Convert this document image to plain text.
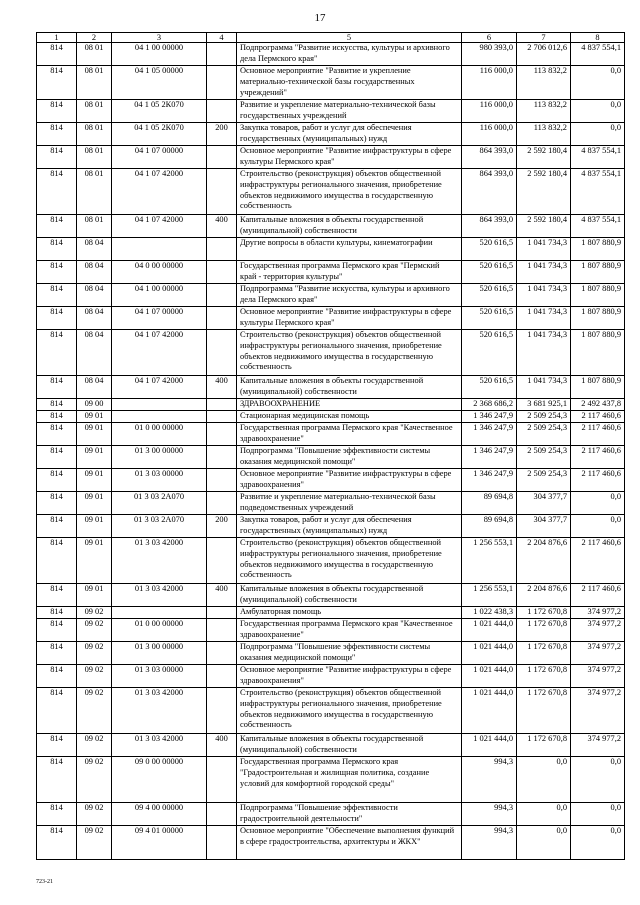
17
1	2	3	4	5	6	7	8
814	08 01	04 1 00 00000		Подпрограмма "Развитие искусства, культуры и архивного дела Пермского края"	980 393,0	2 706 012,6	4 837 554,1
814	08 01	04 1 05 00000		Основное мероприятие "Развитие и укрепление материально-технической базы государственных учреждений"	116 000,0	113 832,2	0,0
814	08 01	04 1 05 2К070		Развитие и укрепление материально-технической базы государственных учреждений	116 000,0	113 832,2	0,0
814	08 01	04 1 05 2К070	200	Закупка товаров, работ и услуг для обеспечения государственных (муниципальных) нужд	116 000,0	113 832,2	0,0
814	08 01	04 1 07 00000		Основное мероприятие "Развитие инфраструктуры в сфере культуры Пермского края"	864 393,0	2 592 180,4	4 837 554,1
814	08 01	04 1 07 42000		Строительство (реконструкция) объектов общественной инфраструктуры регионального значения, приобретение объектов недвижимого имущества в государственную собственность	864 393,0	2 592 180,4	4 837 554,1
814	08 01	04 1 07 42000	400	Капитальные вложения в объекты государственной (муниципальной) собственности	864 393,0	2 592 180,4	4 837 554,1
814	08 04			Другие вопросы в области культуры, кинематографии	520 616,5	1 041 734,3	1 807 880,9
814	08 04	04 0 00 00000		Государственная программа Пермского края "Пермский край - территория культуры"	520 616,5	1 041 734,3	1 807 880,9
814	08 04	04 1 00 00000		Подпрограмма "Развитие искусства, культуры и архивного дела Пермского края"	520 616,5	1 041 734,3	1 807 880,9
814	08 04	04 1 07 00000		Основное мероприятие "Развитие инфраструктуры в сфере культуры Пермского края"	520 616,5	1 041 734,3	1 807 880,9
814	08 04	04 1 07 42000		Строительство (реконструкция) объектов общественной инфраструктуры регионального значения, приобретение объектов недвижимого имущества в государственную собственность	520 616,5	1 041 734,3	1 807 880,9
814	08 04	04 1 07 42000	400	Капитальные вложения в объекты государственной (муниципальной) собственности	520 616,5	1 041 734,3	1 807 880,9
814	09 00			ЗДРАВООХРАНЕНИЕ	2 368 686,2	3 681 925,1	2 492 437,8
814	09 01			Стационарная медицинская помощь	1 346 247,9	2 509 254,3	2 117 460,6
814	09 01	01 0 00 00000		Государственная программа Пермского края "Качественное здравоохранение"	1 346 247,9	2 509 254,3	2 117 460,6
814	09 01	01 3 00 00000		Подпрограмма "Повышение эффективности системы оказания медицинской помощи"	1 346 247,9	2 509 254,3	2 117 460,6
814	09 01	01 3 03 00000		Основное мероприятие "Развитие инфраструктуры в сфере здравоохранения"	1 346 247,9	2 509 254,3	2 117 460,6
814	09 01	01 3 03 2А070		Развитие и укрепление материально-технической базы подведомственных учреждений	89 694,8	304 377,7	0,0
814	09 01	01 3 03 2А070	200	Закупка товаров, работ и услуг для обеспечения государственных (муниципальных) нужд	89 694,8	304 377,7	0,0
814	09 01	01 3 03 42000		Строительство (реконструкция) объектов общественной инфраструктуры регионального значения, приобретение объектов недвижимого имущества в государственную собственность	1 256 553,1	2 204 876,6	2 117 460,6
814	09 01	01 3 03 42000	400	Капитальные вложения в объекты государственной (муниципальной) собственности	1 256 553,1	2 204 876,6	2 117 460,6
814	09 02			Амбулаторная помощь	1 022 438,3	1 172 670,8	374 977,2
814	09 02	01 0 00 00000		Государственная программа Пермского края "Качественное здравоохранение"	1 021 444,0	1 172 670,8	374 977,2
814	09 02	01 3 00 00000		Подпрограмма "Повышение эффективности системы оказания медицинской помощи"	1 021 444,0	1 172 670,8	374 977,2
814	09 02	01 3 03 00000		Основное мероприятие "Развитие инфраструктуры в сфере здравоохранения"	1 021 444,0	1 172 670,8	374 977,2
814	09 02	01 3 03 42000		Строительство (реконструкция) объектов общественной инфраструктуры регионального значения, приобретение объектов недвижимого имущества в государственную собственность	1 021 444,0	1 172 670,8	374 977,2
814	09 02	01 3 03 42000	400	Капитальные вложения в объекты государственной (муниципальной) собственности	1 021 444,0	1 172 670,8	374 977,2
814	09 02	09 0 00 00000		Государственная программа Пермского края "Градостроительная и жилищная политика, создание условий для комфортной городской среды"	994,3	0,0	0,0
814	09 02	09 4 00 00000		Подпрограмма "Повышение эффективности градостроительной деятельности"	994,3	0,0	0,0
814	09 02	09 4 01 00000		Основное мероприятие "Обеспечение выполнения функций в сфере градостроительства, архитектуры и ЖКХ"	994,3	0,0	0,0
723-21
